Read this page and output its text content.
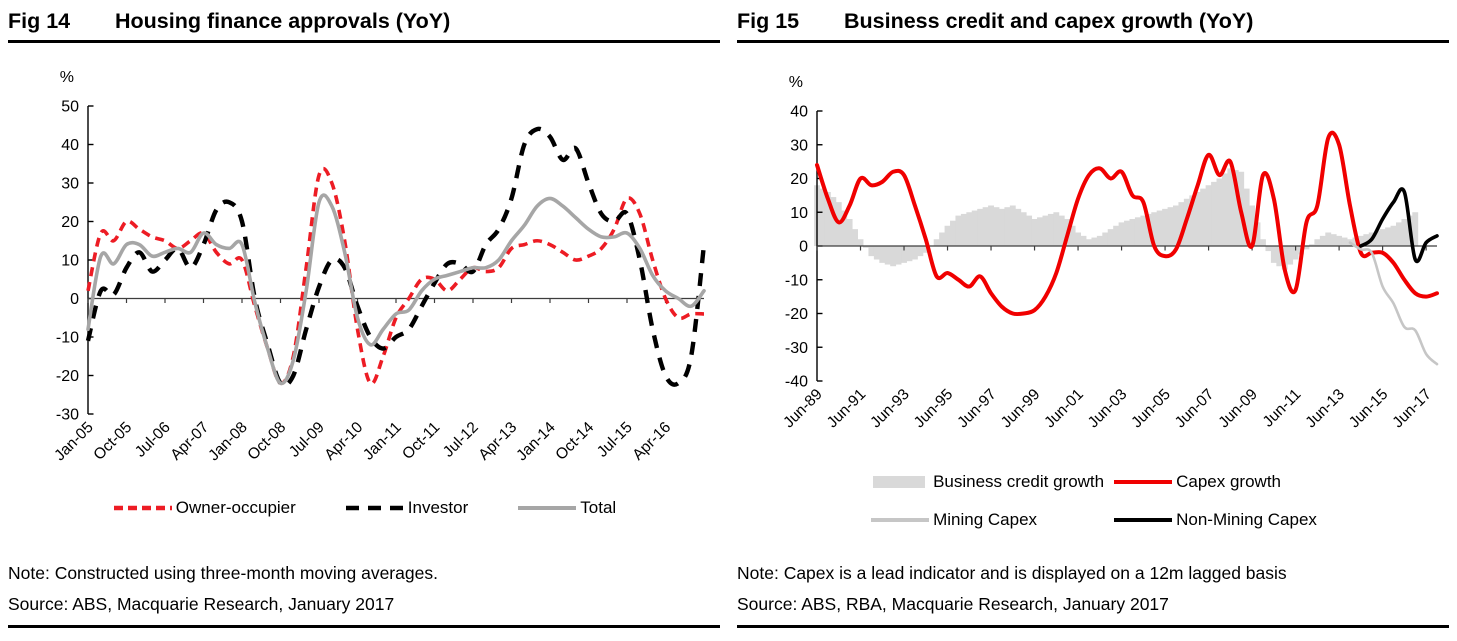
Fig 14	Housing finance approvals (YoY)
-30
-20
-10
0
10
20
30
40
50
%
Jan-05
Oct-05
Jul-06
Apr-07
Jan-08
Oct-08
Jul-09
Apr-10
Jan-11
Oct-11
Jul-12
Apr-13
Jan-14
Oct-14
Jul-15
Apr-16
Owner-occupier	Investor	Total

Note: Constructed using three-month moving averages.

Source: ABS, Macquarie Research, January 2017

Fig 15	Business credit and capex growth (YoY)
-40
-30
-20
-10
0
10
20
30
40
%
Jun-89
Jun-91
Jun-93
Jun-95
Jun-97
Jun-99
Jun-01
Jun-03
Jun-05
Jun-07
Jun-09
Jun-11
Jun-13
Jun-15
Jun-17
Business credit growth	Capex growth
Mining Capex	Non-Mining Capex

Note: Capex is a lead indicator and is displayed on a 12m lagged basis

Source: ABS, RBA, Macquarie Research, January 2017
